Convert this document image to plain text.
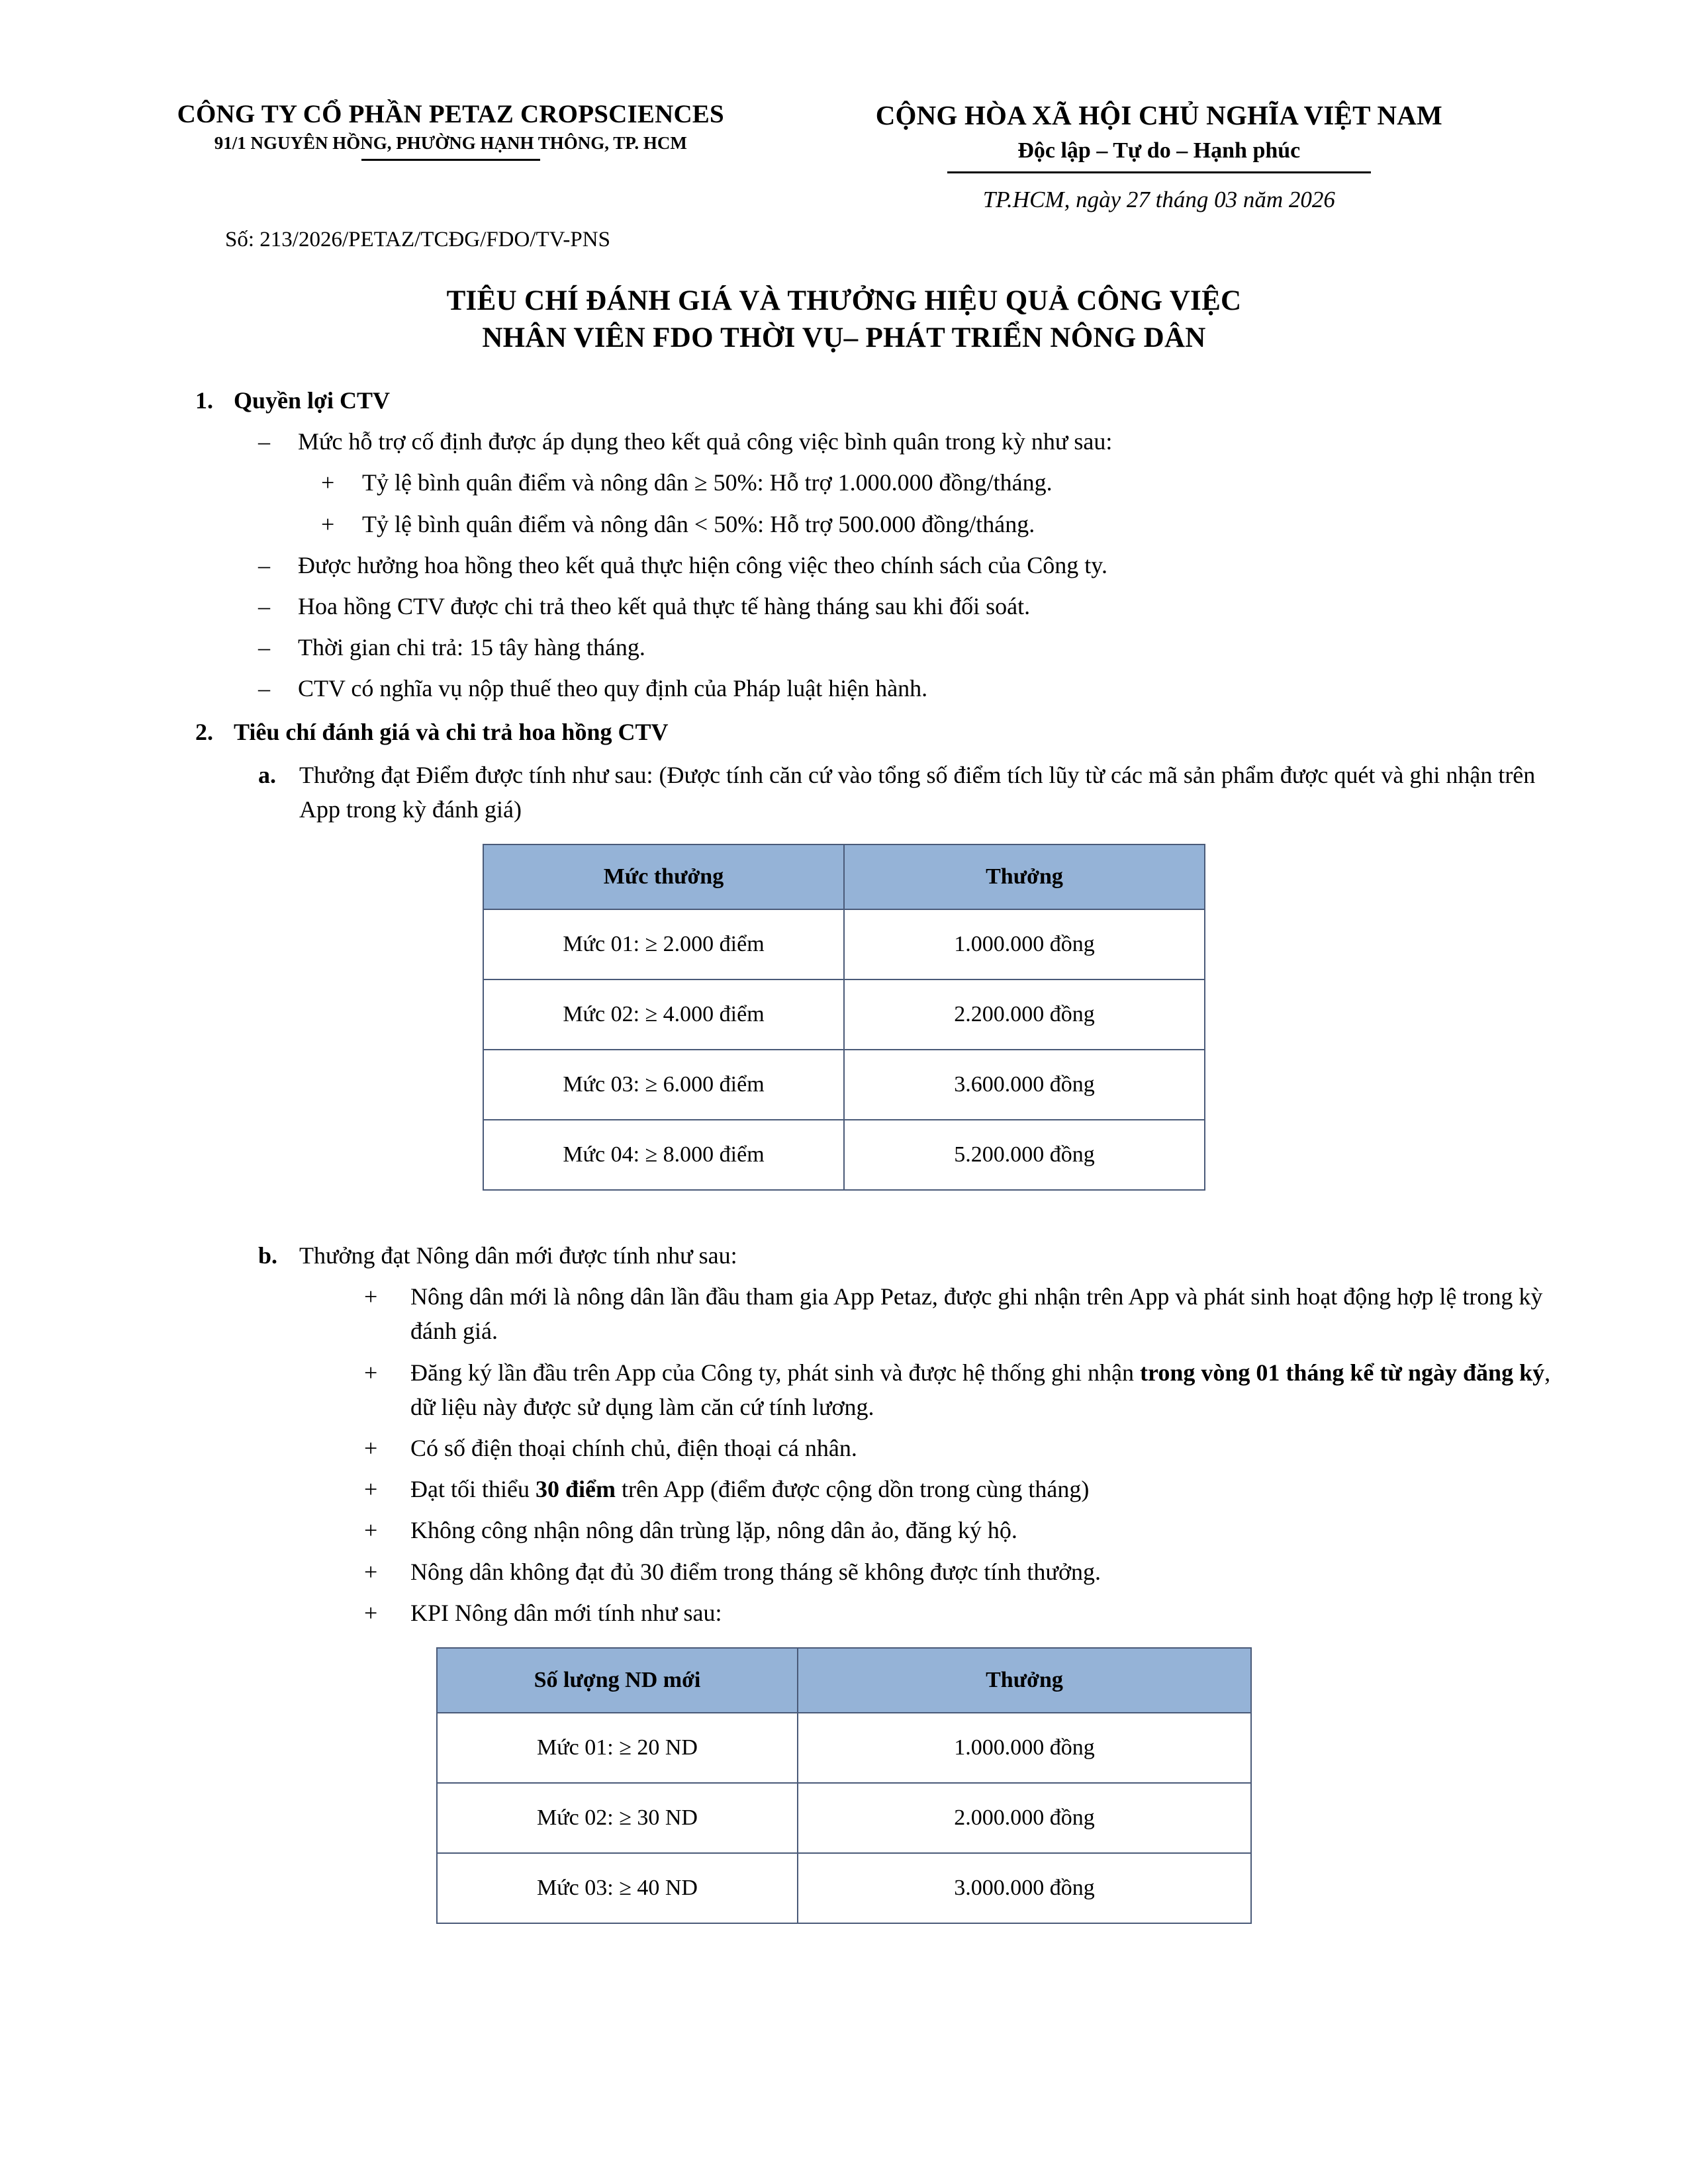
CÔNG TY CỔ PHẦN PETAZ CROPSCIENCES
91/1 NGUYÊN HỒNG, PHƯỜNG HẠNH THÔNG, TP. HCM
CỘNG HÒA XÃ HỘI CHỦ NGHĨA VIỆT NAM
Độc lập – Tự do – Hạnh phúc
TP.HCM, ngày 27 tháng 03 năm 2026
Số: 213/2026/PETAZ/TCĐG/FDO/TV-PNS
TIÊU CHÍ ĐÁNH GIÁ VÀ THƯỞNG HIỆU QUẢ CÔNG VIỆC
NHÂN VIÊN FDO THỜI VỤ– PHÁT TRIỂN NÔNG DÂN
1. Quyền lợi CTV
–	Mức hỗ trợ cố định được áp dụng theo kết quả công việc bình quân trong kỳ như sau:
+	Tỷ lệ bình quân điểm và nông dân ≥ 50%: Hỗ trợ 1.000.000 đồng/tháng.
+	Tỷ lệ bình quân điểm và nông dân < 50%: Hỗ trợ 500.000 đồng/tháng.
–	Được hưởng hoa hồng theo kết quả thực hiện công việc theo chính sách của Công ty.
–	Hoa hồng CTV được chi trả theo kết quả thực tế hàng tháng sau khi đối soát.
–	Thời gian chi trả: 15 tây hàng tháng.
–	CTV có nghĩa vụ nộp thuế theo quy định của Pháp luật hiện hành.
2. Tiêu chí đánh giá và chi trả hoa hồng CTV
a. Thưởng đạt Điểm được tính như sau: (Được tính căn cứ vào tổng số điểm tích lũy từ các mã sản phẩm được quét và ghi nhận trên App trong kỳ đánh giá)
Mức thưởng	Thưởng
Mức 01: ≥ 2.000 điểm	1.000.000 đồng
Mức 02: ≥ 4.000 điểm	2.200.000 đồng
Mức 03: ≥ 6.000 điểm	3.600.000 đồng
Mức 04: ≥ 8.000 điểm	5.200.000 đồng
b. Thưởng đạt Nông dân mới được tính như sau:
+	Nông dân mới là nông dân lần đầu tham gia App Petaz, được ghi nhận trên App và phát sinh hoạt động hợp lệ trong kỳ đánh giá.
+	Đăng ký lần đầu trên App của Công ty, phát sinh và được hệ thống ghi nhận trong vòng 01 tháng kể từ ngày đăng ký, dữ liệu này được sử dụng làm căn cứ tính lương.
+	Có số điện thoại chính chủ, điện thoại cá nhân.
+	Đạt tối thiểu 30 điểm trên App (điểm được cộng dồn trong cùng tháng)
+	Không công nhận nông dân trùng lặp, nông dân ảo, đăng ký hộ.
+	Nông dân không đạt đủ 30 điểm trong tháng sẽ không được tính thưởng.
+	KPI Nông dân mới tính như sau:
Số lượng ND mới	Thưởng
Mức 01: ≥ 20 ND	1.000.000 đồng
Mức 02: ≥ 30 ND	2.000.000 đồng
Mức 03: ≥ 40 ND	3.000.000 đồng
